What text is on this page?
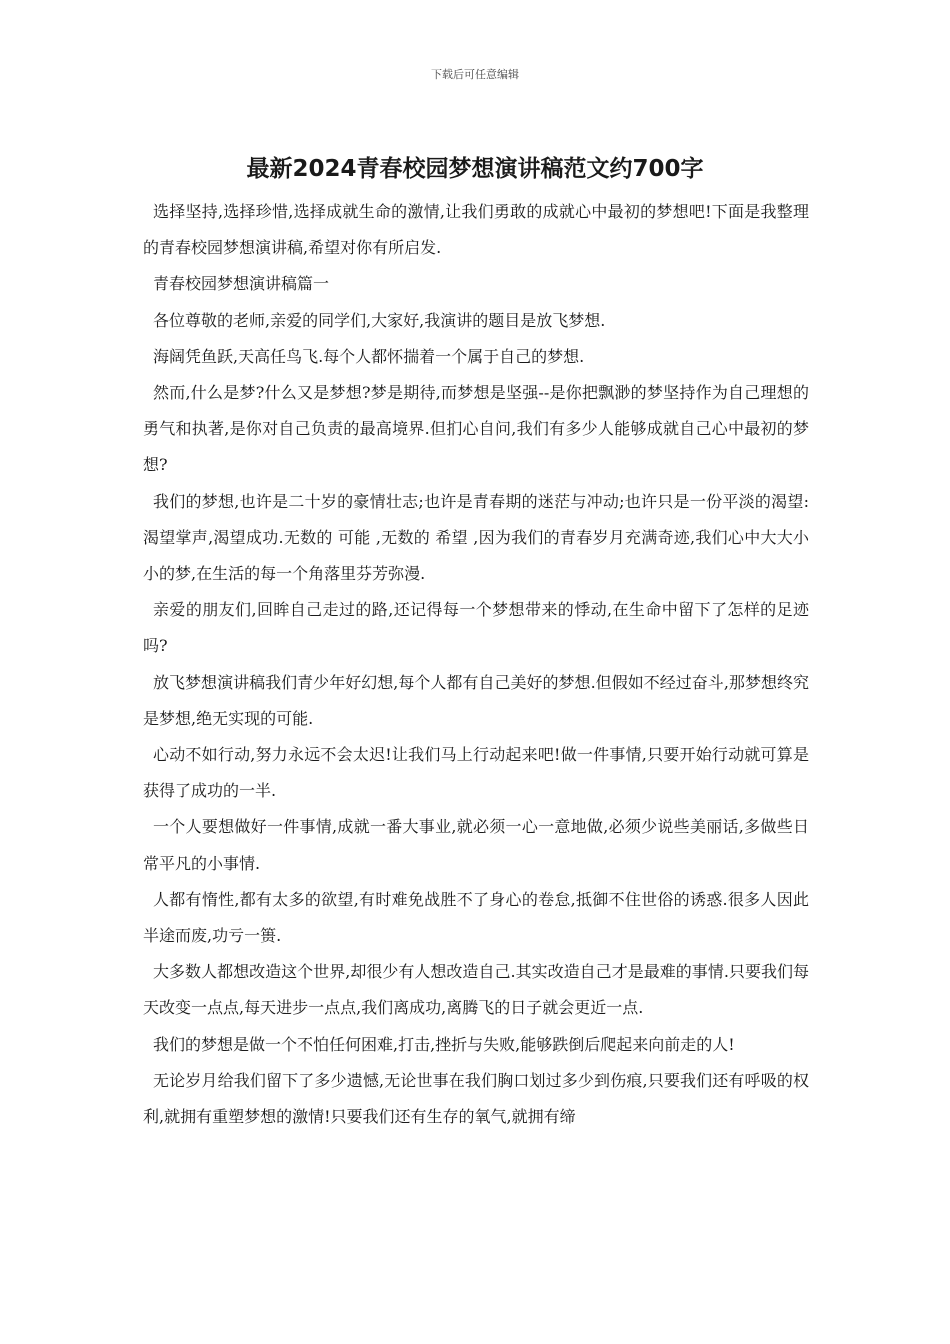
下载后可任意编辑
最新2024青春校园梦想演讲稿范文约700字

选择坚持,选择珍惜,选择成就生命的激情,让我们勇敢的成就心中最初的梦想吧!下面是我整理的青春校园梦想演讲稿,希望对你有所启发.

青春校园梦想演讲稿篇一

各位尊敬的老师,亲爱的同学们,大家好,我演讲的题目是放飞梦想.

海阔凭鱼跃,天高任鸟飞.每个人都怀揣着一个属于自己的梦想.

然而,什么是梦?什么又是梦想?梦是期待,而梦想是坚强--是你把飘渺的梦坚持作为自己理想的勇气和执著,是你对自己负责的最高境界.但扪心自问,我们有多少人能够成就自己心中最初的梦想?

我们的梦想,也许是二十岁的豪情壮志;也许是青春期的迷茫与冲动;也许只是一份平淡的渴望:渴望掌声,渴望成功.无数的 可能 ,无数的 希望 ,因为我们的青春岁月充满奇迹,我们心中大大小小的梦,在生活的每一个角落里芬芳弥漫.

亲爱的朋友们,回眸自己走过的路,还记得每一个梦想带来的悸动,在生命中留下了怎样的足迹吗?

放飞梦想演讲稿我们青少年好幻想,每个人都有自己美好的梦想.但假如不经过奋斗,那梦想终究是梦想,绝无实现的可能.

心动不如行动,努力永远不会太迟!让我们马上行动起来吧!做一件事情,只要开始行动就可算是获得了成功的一半.

一个人要想做好一件事情,成就一番大事业,就必须一心一意地做,必须少说些美丽话,多做些日常平凡的小事情.

人都有惰性,都有太多的欲望,有时难免战胜不了身心的卷怠,抵御不住世俗的诱惑.很多人因此半途而废,功亏一篑.

大多数人都想改造这个世界,却很少有人想改造自己.其实改造自己才是最难的事情.只要我们每天改变一点点,每天进步一点点,我们离成功,离腾飞的日子就会更近一点.

我们的梦想是做一个不怕任何困难,打击,挫折与失败,能够跌倒后爬起来向前走的人!

无论岁月给我们留下了多少遗憾,无论世事在我们胸口划过多少到伤痕,只要我们还有呼吸的权利,就拥有重塑梦想的激情!只要我们还有生存的氧气,就拥有缔
